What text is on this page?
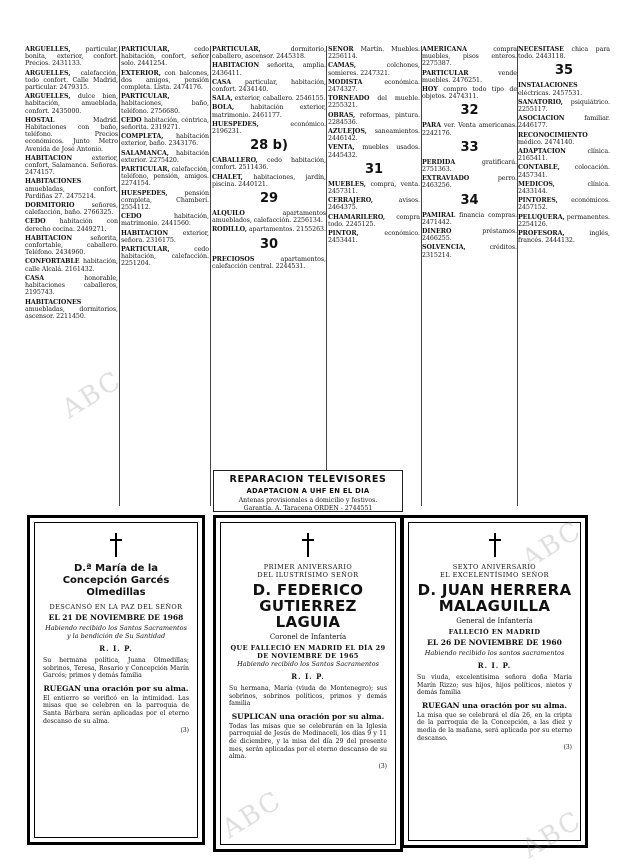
ARGUELLES, particular, bonita, exterior, confort. Precios. 2431133.
ARGUELLES, calefacción, todo confort. Calle Madrid, particular. 2479315.
ARGUELLES, dulce bien, habitación, amueblada, confort. 2435000.
HOSTAL	Madrid. Habitaciones con baño, teléfono. Precios económicos. Junto Metro Avenida de José Antonio.
HABITACION	exterior, confort, Salamanca. Señoras. 2474157.
HABITACIONES amuebladas, confort, Pardiñas 27. 2475214.
DORMITORIO	señores, calefacción, baño. 2766325.
CEDO habitación con derecho cocina. 2449271.
HABITACION	señorita, confortable, caballero. Teléfono. 2434960.
CONFORTABLE habitación, calle Alcalá. 2161432.
CASA	honorable, habitaciones caballeros, 2195743.
HABITACIONES amuebladas, dormitorios, ascensor. 2211450.
PARTICULAR,	cedo habitación, confort, señor solo. 2441254.
EXTERIOR, con balcones, dos amigos, pensión completa. Lista. 2474176.
PARTICULAR, habitaciones, baño, teléfono. 2756680.
CEDO habitación, céntrica, señorita. 2319271.
COMPLETA, habitación exterior, baño. 2343176.
SALAMANCA, habitación exterior. 2275420.
PARTICULAR, calefacción, teléfono, pensión, amigos. 2274154.
HUESPEDES,	pensión completa, Chamberí. 2554112.
CEDO	habitación, matrimonio. 2441560.
HABITACION exterior, señora. 2316175.
PARTICULAR,	cedo habitación, calefacción. 2251204.
PARTICULAR,	dormitorio, caballero, ascensor. 2445318.
HABITACION señorita, amplia. 2436411.
CASA particular, habitación, confort. 2434140.
SALA, exterior, caballero. 2546155.
BOLA,	habitación exterior, matrimonio. 2461177.
HUESPEDES,	económico. 2196231.
28 b)
CABALLERO, cedo habitación, confort. 2511436.
CHALET, habitaciones, jardín, piscina. 2440121.
29
ALQUILO	apartamentos amueblados, calefacción. 2256134.
RODILLO, apartamentos. 2155263.
30
PRECIOSOS	apartamentos, calefacción central. 2244531.
SEÑOR Martín. Muebles. 2256114.
CAMAS,	colchones, somieres. 2247321.
MODISTA	económica. 2474327.
TORNEADO del mueble. 2255321.
OBRAS, reformas, pintura. 2284536.
AZULEJOS, saneamientos. 2446142.
VENTA, muebles usados. 2445432.
31
MUEBLES, compra, venta. 2457311.
CERRAJERO,	avisos. 2464375.
CHAMARILERO, compra todo. 2245125.
PINTOR,	económico. 2453441.
AMERICANA	compra muebles, pisos enteros. 2275387.
PARTICULAR	vende muebles. 2476251.
HOY compro todo tipo de objetos. 2474311.
32
PARA ver. Venta americanas. 2242176.
33
PERDIDA	gratificará. 2751363.
EXTRAVIADO	perro. 2463256.
34
PAMIRAL financia compras. 2471442.
DINERO	préstamos. 2466255.
SOLVENCIA,	créditos. 2315214.
NECESITASE chica para todo. 2443118.
35
INSTALACIONES eléctricas. 2457531.
SANATORIO, psiquiátrico. 2255117.
ASOCIACION	familiar. 2446177.
RECONOCIMIENTO médico. 2474140.
ADAPTACION	clínica. 2165411.
CONTABLE, colocación. 2457341.
MEDICOS,	clínica. 2433144.
PINTORES, económicos. 2457152.
PELUQUERA, permanentes. 2254126.
PROFESORA,	inglés, francés. 2444132.
REPARACION TELEVISORES
ADAPTACION A UHF EN EL DIA
Antenas provisionales a domicilio y festivos.
Garantía. A. Taracena ORDEN - 2744551
D.ª María de la Concepción Garcés Olmedillas
DESCANSÓ EN LA PAZ DEL SEÑOR
EL 21 DE NOVIEMBRE DE 1968
Habiendo recibido los Santos Sacramentos y la bendición de Su Santidad
R. I. P.
Su hermana política, Juana Olmedillas; sobrinos, Teresa, Rosario y Concepción Marín Garcés; primos y demás familia
RUEGAN una oración por su alma.
El entierro se verificó en la intimidad. Las misas que se celebren en la parroquia de Santa Bárbara serán aplicadas por el eterno descanso de su alma.
(3)
PRIMER ANIVERSARIO
DEL ILUSTRÍSIMO SEÑOR
D. FEDERICO GUTIERREZ LAGUIA
Coronel de Infantería
QUE FALLECIÓ EN MADRID EL DÍA 29 DE NOVIEMBRE DE 1965
Habiendo recibido los Santos Sacramentos
R. I. P.
Su hermana, María (viuda de Montenegro); sus sobrinos, sobrinos políticos, primos y demás familia
SUPLICAN una oración por su alma.
Todas las misas que se celebrarán en la Iglesia parroquial de Jesús de Medinaceli, los días 9 y 11 de diciembre, y la misa del día 29 del presente mes, serán aplicadas por el eterno descanso de su alma.
(3)
SEXTO ANIVERSARIO
EL EXCELENTÍSIMO SEÑOR
D. JUAN HERRERA MALAGUILLA
General de Infantería
FALLECIÓ EN MADRID
EL 26 DE NOVIEMBRE DE 1960
Habiendo recibido los santos sacramentos
R. I. P.
Su viuda, excelentísima señora doña María Marín Rizzo; sus hijos, hijos políticos, nietos y demás familia
RUEGAN una oración por su alma.
La misa que se celebrará el día 26, en la cripta de la parroquia de la Concepción, a las diez y media de la mañana, será aplicada por su eterno descanso.
(3)
ABC
ABC
ABC	ABC
